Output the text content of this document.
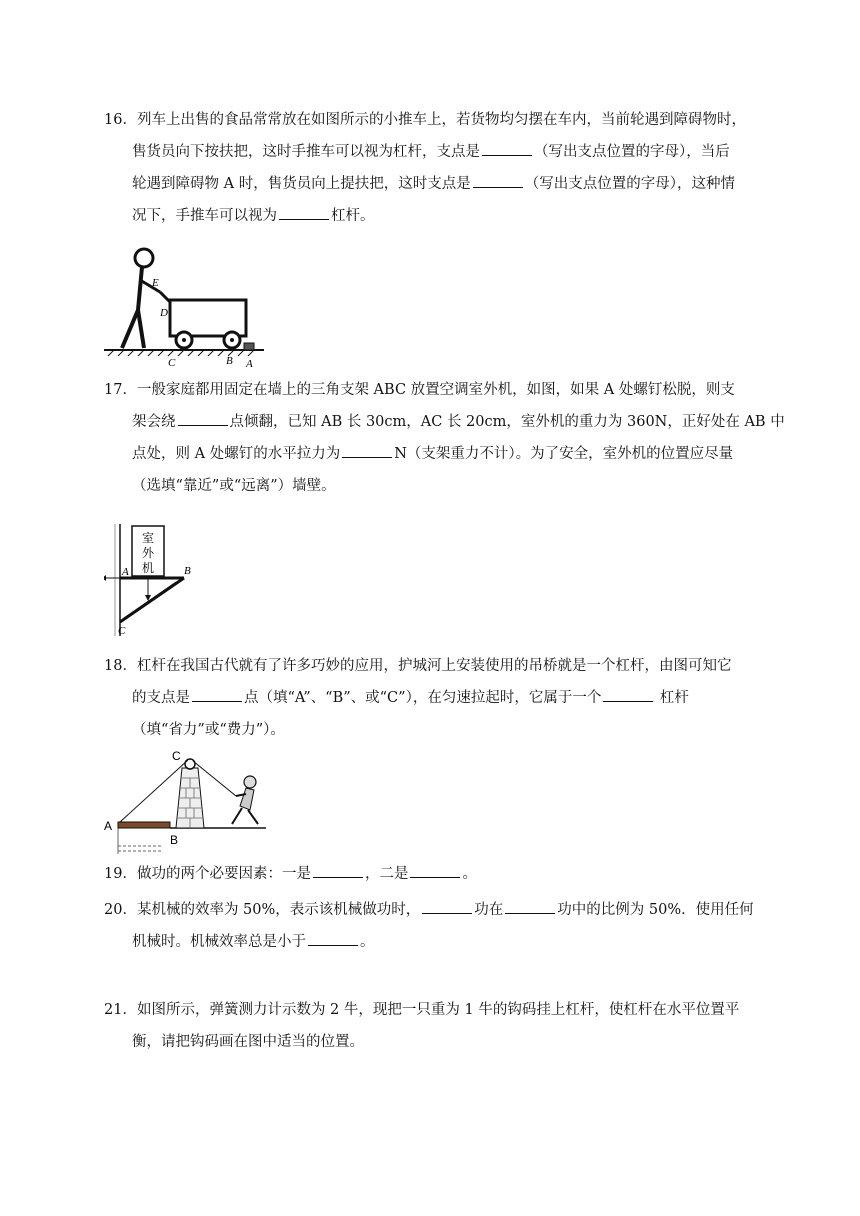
16．列车上出售的食品常常放在如图所示的小推车上，若货物均匀摆在车内，当前轮遇到障碍物时，
售货员向下按扶把，这时手推车可以视为杠杆，支点是	（写出支点位置的字母），当后
轮遇到障碍物 A 时，售货员向上提扶把，这时支点是	（写出支点位置的字母），这种情
况下，手推车可以视为	杠杆。
E
D
C	B A
17．一般家庭都用固定在墙上的三角支架 ABC 放置空调室外机，如图，如果 A 处螺钉松脱，则支
架会绕	点倾翻，已知 AB 长 30cm，AC 长 20cm，室外机的重力为 360N，正好处在 AB 中
点处，则 A 处螺钉的水平拉力为	N（支架重力不计）。为了安全，室外机的位置应尽量
（选填“靠近”或“远离”）墙壁。
室
外
机
A	B
C
18．杠杆在我国古代就有了许多巧妙的应用，护城河上安装使用的吊桥就是一个杠杆，由图可知它
的支点是	点（填“A”、“B”、或“C”），在匀速拉起时，它属于一个	杠杆
（填“省力”或“费力”）。
C
A
B
19．做功的两个必要因素：一是	，二是	。
20．某机械的效率为 50%，表示该机械做功时，	功在	功中的比例为 50%．使用任何
机械时。机械效率总是小于	。
21．如图所示，弹簧测力计示数为 2 牛，现把一只重为 1 牛的钩码挂上杠杆，使杠杆在水平位置平
衡，请把钩码画在图中适当的位置。
